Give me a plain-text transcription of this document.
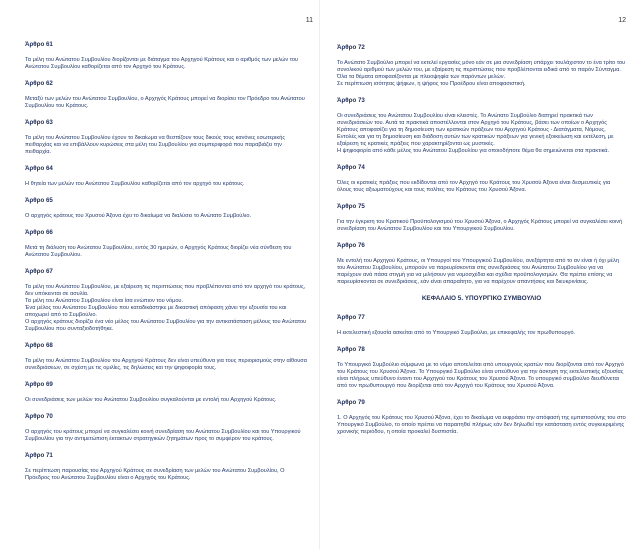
11
Άρθρο 61
Τα μέλη του Ανώτατου Συμβουλίου διορίζονται με διάταγμα του Αρχηγού Κράτους και ο αριθμός των μελών του Ανώτατου Συμβουλίου καθορίζεται από τον Αρχηγό του Κράτους.
Άρθρο 62
Μεταξύ των μελών του Ανώτατου Συμβουλίου, ο Αρχηγός Κράτους μπορεί να διορίσει τον Πρόεδρο του Ανώτατου Συμβουλίου του Κράτους.
Άρθρο 63
Τα μέλη του Ανώτατου Συμβουλίου έχουν το δικαίωμα να θεσπίζουν τους δικούς τους κανόνες εσωτερικής πειθαρχίας και να επιβάλλουν κυρώσεις στα μέλη του Συμβουλίου για συμπεριφορά που παραβιάζει την πειθαρχία.
Άρθρο 64
Η θητεία των μελών του Ανώτατου Συμβουλίου καθορίζεται από τον αρχηγό του κράτους.
Άρθρο 65
Ο αρχηγός κράτους του Χρυσού Άξονα έχει το δικαίωμα να διαλύσει το Ανώτατο Συμβούλιο.
Άρθρο 66
Μετά τη διάλυση του Ανώτατου Συμβουλίου, εντός 30 ημερών, ο Αρχηγός Κράτους διορίζει νέα σύνθεση του Ανώτατου Συμβουλίου.
Άρθρο 67
Τα μέλη του Ανώτατου Συμβουλίου, με εξαίρεση τις περιπτώσεις που προβλέπονται από τον αρχηγό του κράτους, δεν υπόκεινται σε ασυλία.
Τα μέλη του Ανώτατου Συμβουλίου είναι ίσα ενώπιον του νόμου.
Ένα μέλος του Ανώτατου Συμβουλίου που καταδικάστηκε με δικαστική απόφαση χάνει την εξουσία του και αποχωρεί από το Συμβούλιο.
Ο αρχηγός κράτους διορίζει ένα νέο μέλος του Ανώτατου Συμβουλίου για την αντικατάσταση μέλους του Ανώτατου Συμβουλίου που συνταξιοδοτήθηκε.
Άρθρο 68
Τα μέλη του Ανώτατου Συμβουλίου του Αρχηγού Κράτους δεν είναι υπεύθυνα για τους περιορισμούς στην αίθουσα συνεδριάσεων, σε σχέση με τις ομιλίες, τις δηλώσεις και την ψηφοφορία τους.
Άρθρο 69
Οι συνεδριάσεις των μελών του Ανώτατου Συμβουλίου συγκαλούνται με εντολή του Αρχηγού Κράτους.
Άρθρο 70
Ο αρχηγός του κράτους μπορεί να συγκαλέσει κοινή συνεδρίαση του Ανώτατου Συμβουλίου και του Υπουργικού Συμβουλίου για την αντιμετώπιση έκτακτων στρατηγικών ζητημάτων προς το συμφέρον του κράτους.
Άρθρο 71
Σε περίπτωση παρουσίας του Αρχηγού Κράτους σε συνεδρίαση των μελών του Ανώτατου Συμβουλίου, Ο Πρόεδρος του Ανώτατου Συμβουλίου είναι ο Αρχηγός του Κράτους.
12
Άρθρο 72
Το Ανώτατο Συμβούλιο μπορεί να εκτελεί εργασίες μόνο εάν σε μια συνεδρίαση υπάρχει τουλάχιστον το ένα τρίτο του συνολικού αριθμού των μελών του, με εξαίρεση τις περιπτώσεις που προβλέπονται ειδικά από το παρόν Σύνταγμα.
Όλα τα θέματα αποφασίζονται με πλειοψηφία των παρόντων μελών.
Σε περίπτωση ισότητας ψήφων, η ψήφος του Προέδρου είναι αποφασιστική.
Άρθρο 73
Οι συνεδριάσεις του Ανώτατου Συμβουλίου είναι κλειστές. Το Ανώτατο Συμβούλιο διατηρεί πρακτικά των συνεδριάσεών του. Αυτά τα πρακτικά αποστέλλονται στον Αρχηγό του Κράτους, βάσει των οποίων ο Αρχηγός Κράτους αποφασίζει για τη δημοσίευση των κρατικών πράξεων του Αρχηγού Κράτους - Διατάγματα, Νόμους, Εντολές και για τη δημοσίευση και διάδοση αυτών των κρατικών πράξεων για γενική εξοικείωση και εκτέλεση, με εξαίρεση τις κρατικές πράξεις που χαρακτηρίζονται ως μυστικές.
Η ψηφοφορία από κάθε μέλος του Ανώτατου Συμβουλίου για οποιοδήποτε θέμα θα σημειώνεται στα πρακτικά.
Άρθρο 74
Όλες οι κρατικές πράξεις που εκδίδονται από τον Αρχηγό του Κράτους του Χρυσού Άξονα είναι δεσμευτικές για όλους τους αξιωματούχους και τους πολίτες του Κράτους του Χρυσού Άξονα.
Άρθρο 75
Για την έγκριση του Κρατικού Προϋπολογισμού του Χρυσού Άξονα, ο Αρχηγός Κράτους μπορεί να συγκαλέσει κοινή συνεδρίαση του Ανώτατου Συμβουλίου και του Υπουργικού Συμβουλίου.
Άρθρο 76
Με εντολή του Αρχηγού Κράτους, οι Υπουργοί του Υπουργικού Συμβουλίου, ανεξάρτητα από το αν είναι ή όχι μέλη του Ανώτατου Συμβουλίου, μπορούν να παρευρίσκονται στις συνεδριάσεις του Ανώτατου Συμβουλίου για να παρέχουν ανά πάσα στιγμή για να μιλήσουν για νομοσχέδια και σχέδια προϋπολογισμών. Θα πρέπει επίσης να παρευρίσκονται σε συνεδριάσεις, εάν είναι απαραίτητο, για να παρέχουν απαντήσεις και διευκρινίσεις.
ΚΕΦΑΛΑΙΟ 5. ΥΠΟΥΡΓΙΚΟ ΣΥΜΒΟΥΛΙΟ
Άρθρο 77
Η εκτελεστική εξουσία ασκείται από το Υπουργικό Συμβούλιο, με επικεφαλής τον πρωθυπουργό.
Άρθρο 78
Το Υπουργικό Συμβούλιο σύμφωνα με το νόμο αποτελείται από υπουργούς κρατών που διορίζονται από τον Αρχηγό του Κράτους του Χρυσού Άξονα. Το Υπουργικό Συμβούλιο είναι υπεύθυνο για την άσκηση της εκτελεστικής εξουσίας είναι πλήρως υπεύθυνο έναντι του Αρχηγού του Κράτους του Χρυσού Άξονα. Το υπουργικό συμβούλιο διευθύνεται από τον πρωθυπουργό που διορίζεται από τον Αρχηγό του Κράτους του Χρυσού Άξονα.
Άρθρο 79
1. Ο Αρχηγός του Κράτους του Χρυσού Άξονα, έχει το δικαίωμα να εκφράσει την απόφασή της εμπιστοσύνης του στο Υπουργικό Συμβούλιο, το οποίο πρέπει να παραιτηθεί πλήρως εάν δεν δηλωθεί την κατάσταση εντός συγκεκριμένης χρονικής περιόδου, η οποία προκαλεί δυσπιστία.
